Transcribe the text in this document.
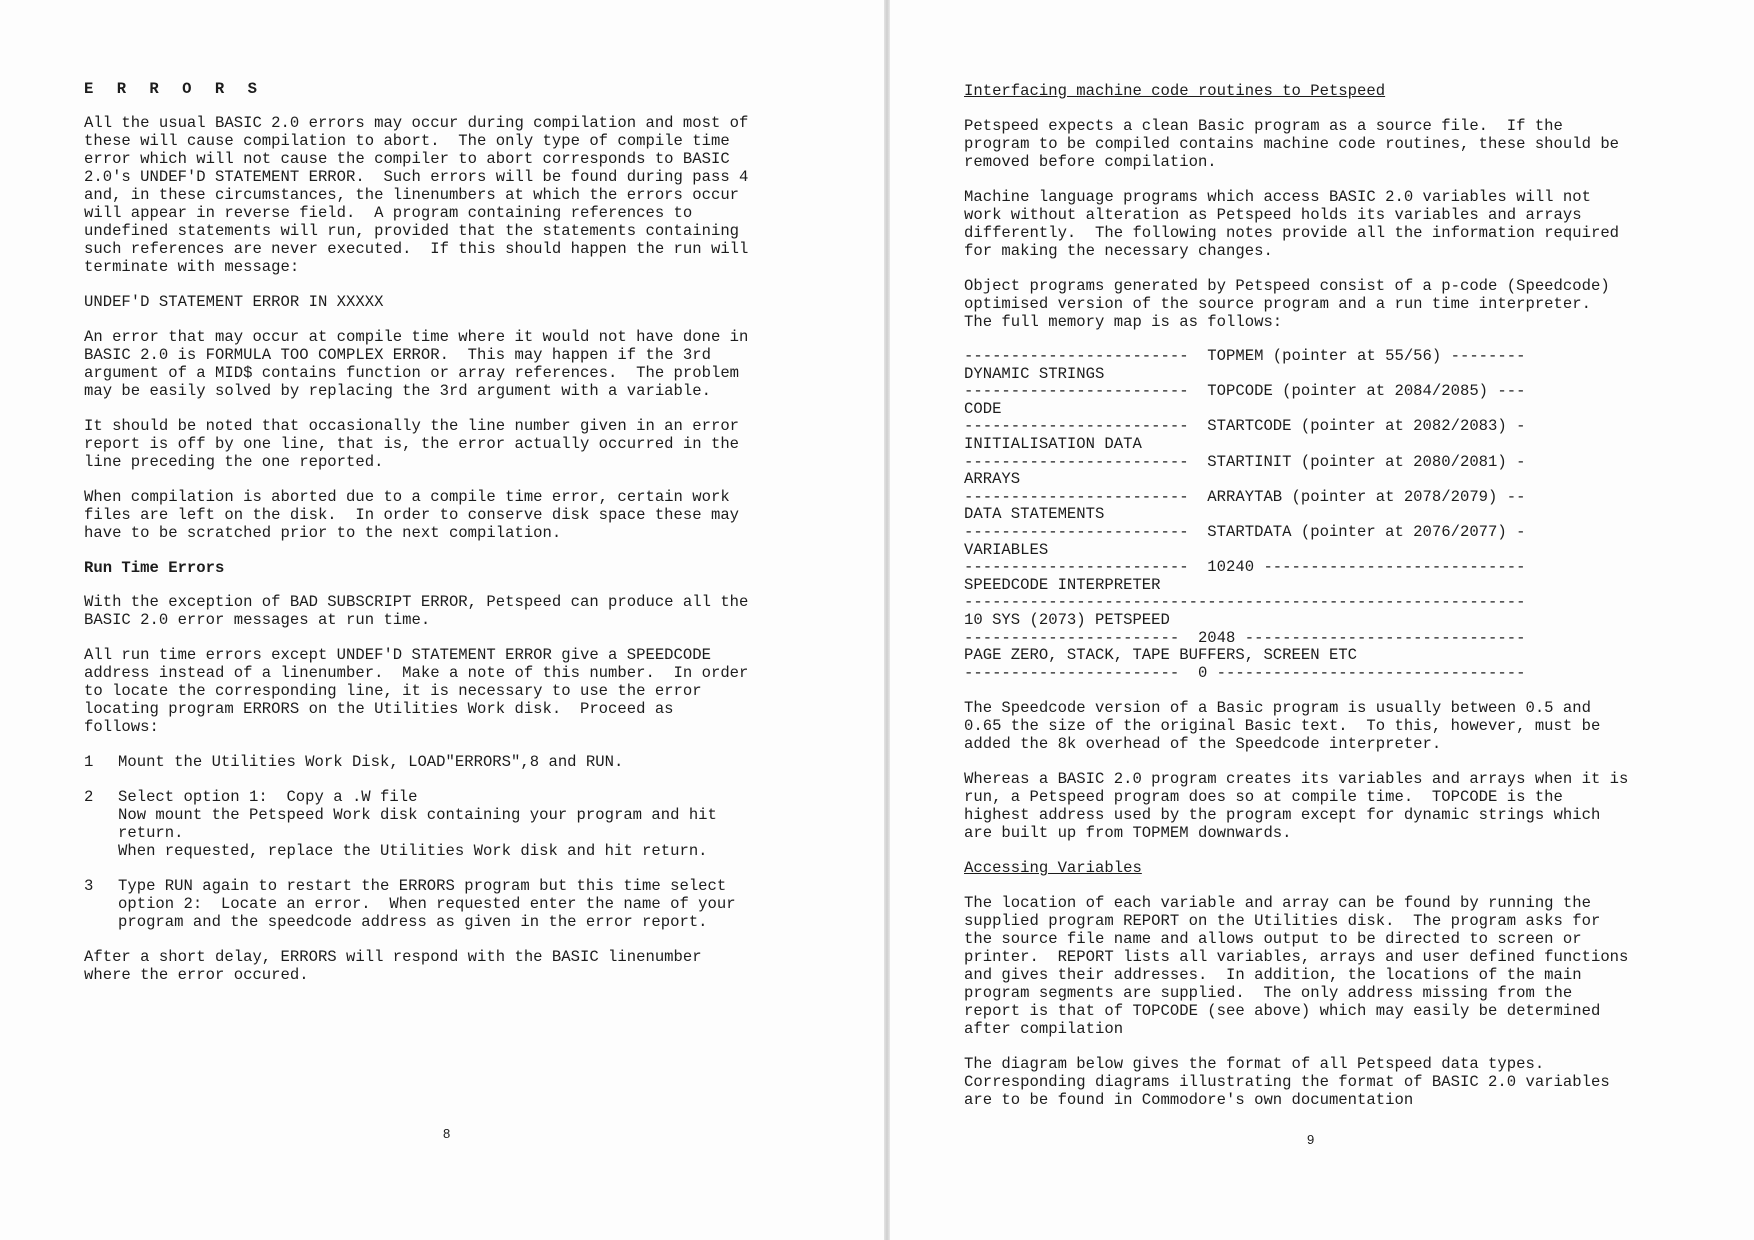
E R R O R S

All the usual BASIC 2.0 errors may occur during compilation and most of
these will cause compilation to abort.  The only type of compile time
error which will not cause the compiler to abort corresponds to BASIC
2.0's UNDEF'D STATEMENT ERROR.  Such errors will be found during pass 4
and, in these circumstances, the linenumbers at which the errors occur
will appear in reverse field.  A program containing references to
undefined statements will run, provided that the statements containing
such references are never executed.  If this should happen the run will
terminate with message:

UNDEF'D STATEMENT ERROR IN XXXXX

An error that may occur at compile time where it would not have done in
BASIC 2.0 is FORMULA TOO COMPLEX ERROR.  This may happen if the 3rd
argument of a MID$ contains function or array references.  The problem
may be easily solved by replacing the 3rd argument with a variable.

It should be noted that occasionally the line number given in an error
report is off by one line, that is, the error actually occurred in the
line preceding the one reported.

When compilation is aborted due to a compile time error, certain work
files are left on the disk.  In order to conserve disk space these may
have to be scratched prior to the next compilation.

Run Time Errors

With the exception of BAD SUBSCRIPT ERROR, Petspeed can produce all the
BASIC 2.0 error messages at run time.

All run time errors except UNDEF'D STATEMENT ERROR give a SPEEDCODE
address instead of a linenumber.  Make a note of this number.  In order
to locate the corresponding line, it is necessary to use the error
locating program ERRORS on the Utilities Work disk.  Proceed as
follows:

1	Mount the Utilities Work Disk, LOAD"ERRORS",8 and RUN.
2	Select option 1:  Copy a .W file
Now mount the Petspeed Work disk containing your program and hit
return.
When requested, replace the Utilities Work disk and hit return.
3	Type RUN again to restart the ERRORS program but this time select
option 2:  Locate an error.  When requested enter the name of your
program and the speedcode address as given in the error report.

After a short delay, ERRORS will respond with the BASIC linenumber
where the error occured.

8
Interfacing machine code routines to Petspeed

Petspeed expects a clean Basic program as a source file.  If the
program to be compiled contains machine code routines, these should be
removed before compilation.

Machine language programs which access BASIC 2.0 variables will not
work without alteration as Petspeed holds its variables and arrays
differently.  The following notes provide all the information required
for making the necessary changes.

Object programs generated by Petspeed consist of a p-code (Speedcode)
optimised version of the source program and a run time interpreter.
The full memory map is as follows:

------------------------  TOPMEM (pointer at 55/56) --------
DYNAMIC STRINGS
------------------------  TOPCODE (pointer at 2084/2085) ---
CODE
------------------------  STARTCODE (pointer at 2082/2083) -
INITIALISATION DATA
------------------------  STARTINIT (pointer at 2080/2081) -
ARRAYS
------------------------  ARRAYTAB (pointer at 2078/2079) --
DATA STATEMENTS
------------------------  STARTDATA (pointer at 2076/2077) -
VARIABLES
------------------------  10240 ----------------------------
SPEEDCODE INTERPRETER
------------------------------------------------------------
10 SYS (2073) PETSPEED
-----------------------  2048 ------------------------------
PAGE ZERO, STACK, TAPE BUFFERS, SCREEN ETC
-----------------------  0 ---------------------------------

The Speedcode version of a Basic program is usually between 0.5 and
0.65 the size of the original Basic text.  To this, however, must be
added the 8k overhead of the Speedcode interpreter.

Whereas a BASIC 2.0 program creates its variables and arrays when it is
run, a Petspeed program does so at compile time.  TOPCODE is the
highest address used by the program except for dynamic strings which
are built up from TOPMEM downwards.

Accessing Variables

The location of each variable and array can be found by running the
supplied program REPORT on the Utilities disk.  The program asks for
the source file name and allows output to be directed to screen or
printer.  REPORT lists all variables, arrays and user defined functions
and gives their addresses.  In addition, the locations of the main
program segments are supplied.  The only address missing from the
report is that of TOPCODE (see above) which may easily be determined
after compilation

The diagram below gives the format of all Petspeed data types.
Corresponding diagrams illustrating the format of BASIC 2.0 variables
are to be found in Commodore's own documentation

9
